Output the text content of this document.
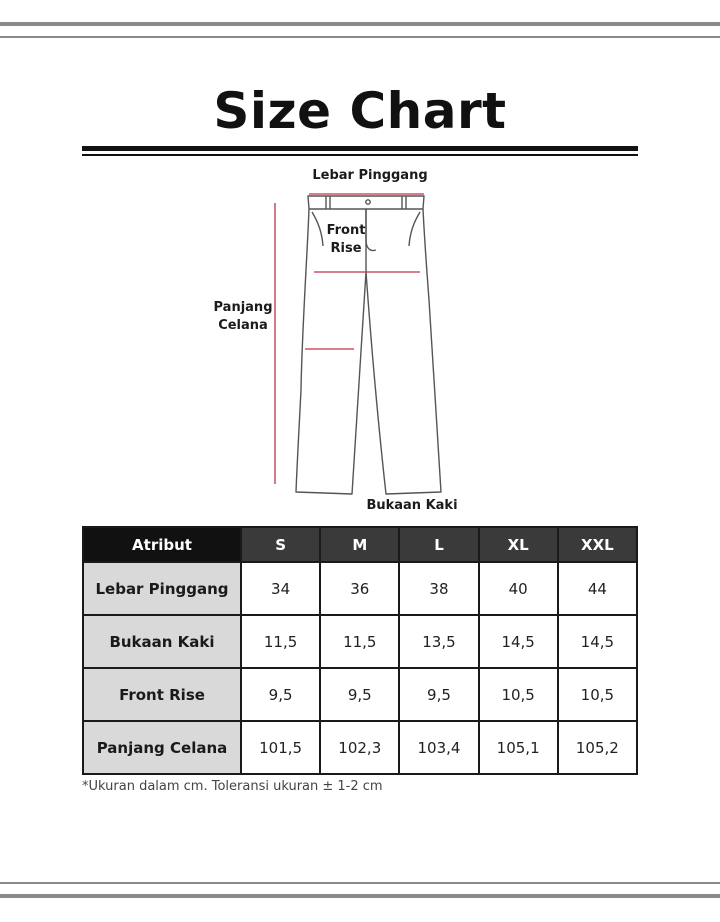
Size Chart
Lebar Pinggang
Front
Rise
Panjang
Celana
Bukaan Kaki
Atribut	S	M	L	XL	XXL
Lebar Pinggang	34	36	38	40	44
Bukaan Kaki	11,5	11,5	13,5	14,5	14,5
Front Rise	9,5	9,5	9,5	10,5	10,5
Panjang Celana	101,5	102,3	103,4	105,1	105,2
*Ukuran dalam cm. Toleransi ukuran ± 1-2 cm
